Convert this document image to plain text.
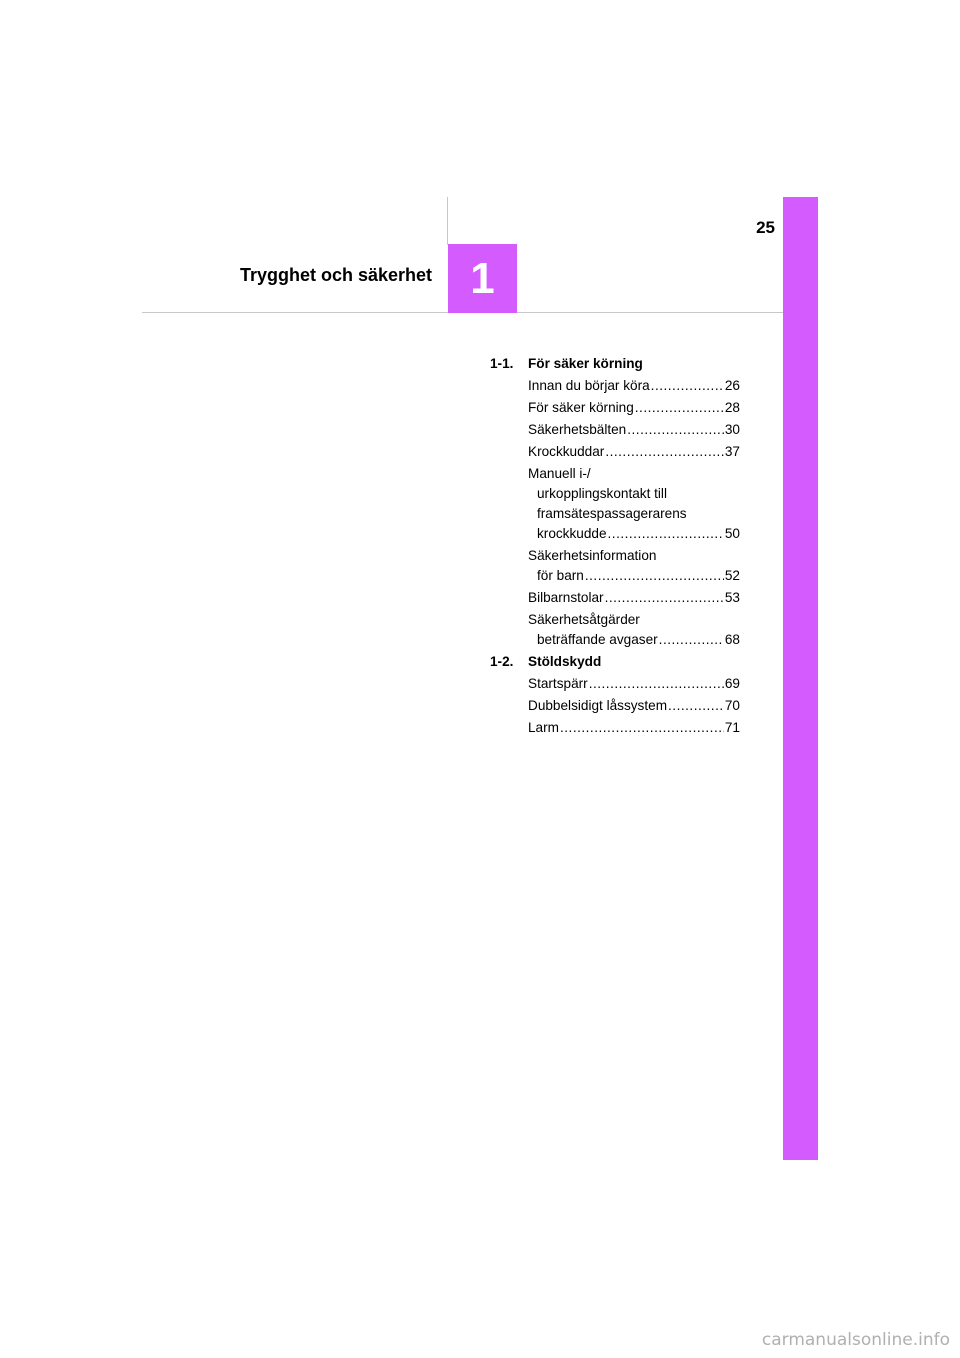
25
Trygghet och säkerhet 1
1-1.	För säker körning
Innan du börjar köra .....	26
För säker körning .....	28
Säkerhetsbälten .....	30
Krockkuddar .....	37
Manuell i-/
urkopplingskontakt till
framsätespassagerarens
krockkudde .....	50
Säkerhetsinformation
för barn .....	52
Bilbarnstolar .....	53
Säkerhetsåtgärder
beträffande avgaser .....	68
1-2.	Stöldskydd
Startspärr .....	69
Dubbelsidigt låssystem .....	70
Larm .....	71
carmanualsonline.info
